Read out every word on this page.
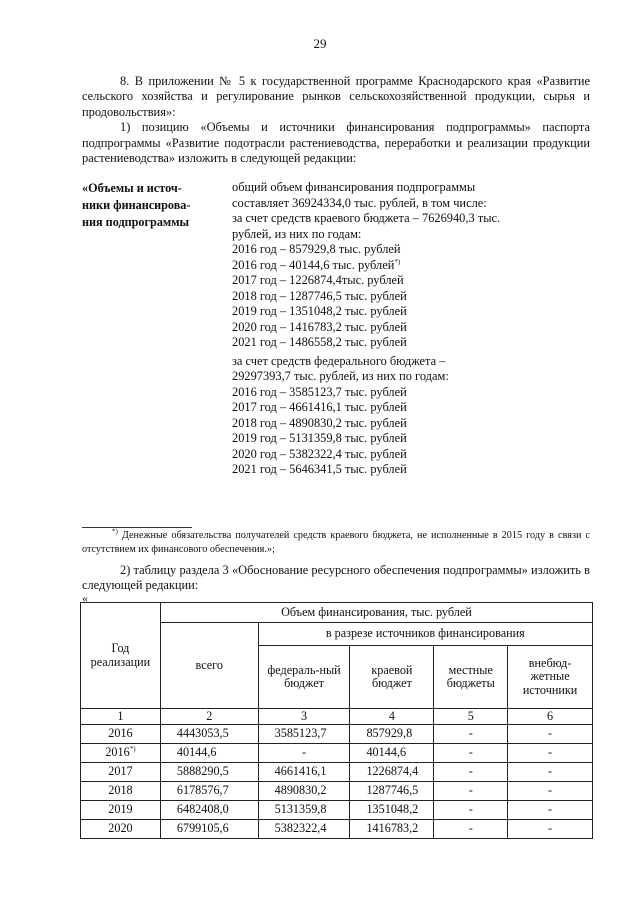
29

8. В приложении № 5 к государственной программе Краснодарского края «Развитие сельского хозяйства и регулирование рынков сельскохозяйственной продукции, сырья и продовольствия»:

1) позицию «Объемы и источники финансирования подпрограммы» паспорта подпрограммы «Развитие подотрасли растениеводства, переработки и реализации продукции растениеводства» изложить в следующей редакции:

«Объемы и источ-
ники финансирова-
ния подпрограммы
общий объем финансирования подпрограммы
составляет 36924334,0 тыс. рублей, в том числе:
за счет средств краевого бюджета – 7626940,3 тыс.
рублей, из них по годам:
2016 год – 857929,8 тыс. рублей
2016 год – 40144,6 тыс. рублей*)
2017 год – 1226874,4тыс. рублей
2018 год – 1287746,5 тыс. рублей
2019 год – 1351048,2 тыс. рублей
2020 год – 1416783,2 тыс. рублей
2021 год – 1486558,2 тыс. рублей
за счет средств федерального бюджета –
29297393,7 тыс. рублей, из них по годам:
2016 год – 3585123,7 тыс. рублей
2017 год – 4661416,1 тыс. рублей
2018 год – 4890830,2 тыс. рублей
2019 год – 5131359,8 тыс. рублей
2020 год – 5382322,4 тыс. рублей
2021 год – 5646341,5 тыс. рублей

*) Денежные обязательства получателей средств краевого бюджета, не исполненные в 2015 году в связи с отсутствием их финансового обеспечения.»;

2) таблицу раздела 3 «Обоснование ресурсного обеспечения подпрограммы» изложить в следующей редакции:

«
Год реализации	Объем финансирования, тыс. рублей				
	всего	в разрезе источников финансирования			
		федераль-ный бюджет	краевой бюджет	местные бюджеты	внебюд-жетные источники
1	2	3	4	5	6
2016	4443053,5	3585123,7	857929,8	-	-
2016*)	40144,6	-	40144,6	-	-
2017	5888290,5	4661416,1	1226874,4	-	-
2018	6178576,7	4890830,2	1287746,5	-	-
2019	6482408,0	5131359,8	1351048,2	-	-
2020	6799105,6	5382322,4	1416783,2	-	-
